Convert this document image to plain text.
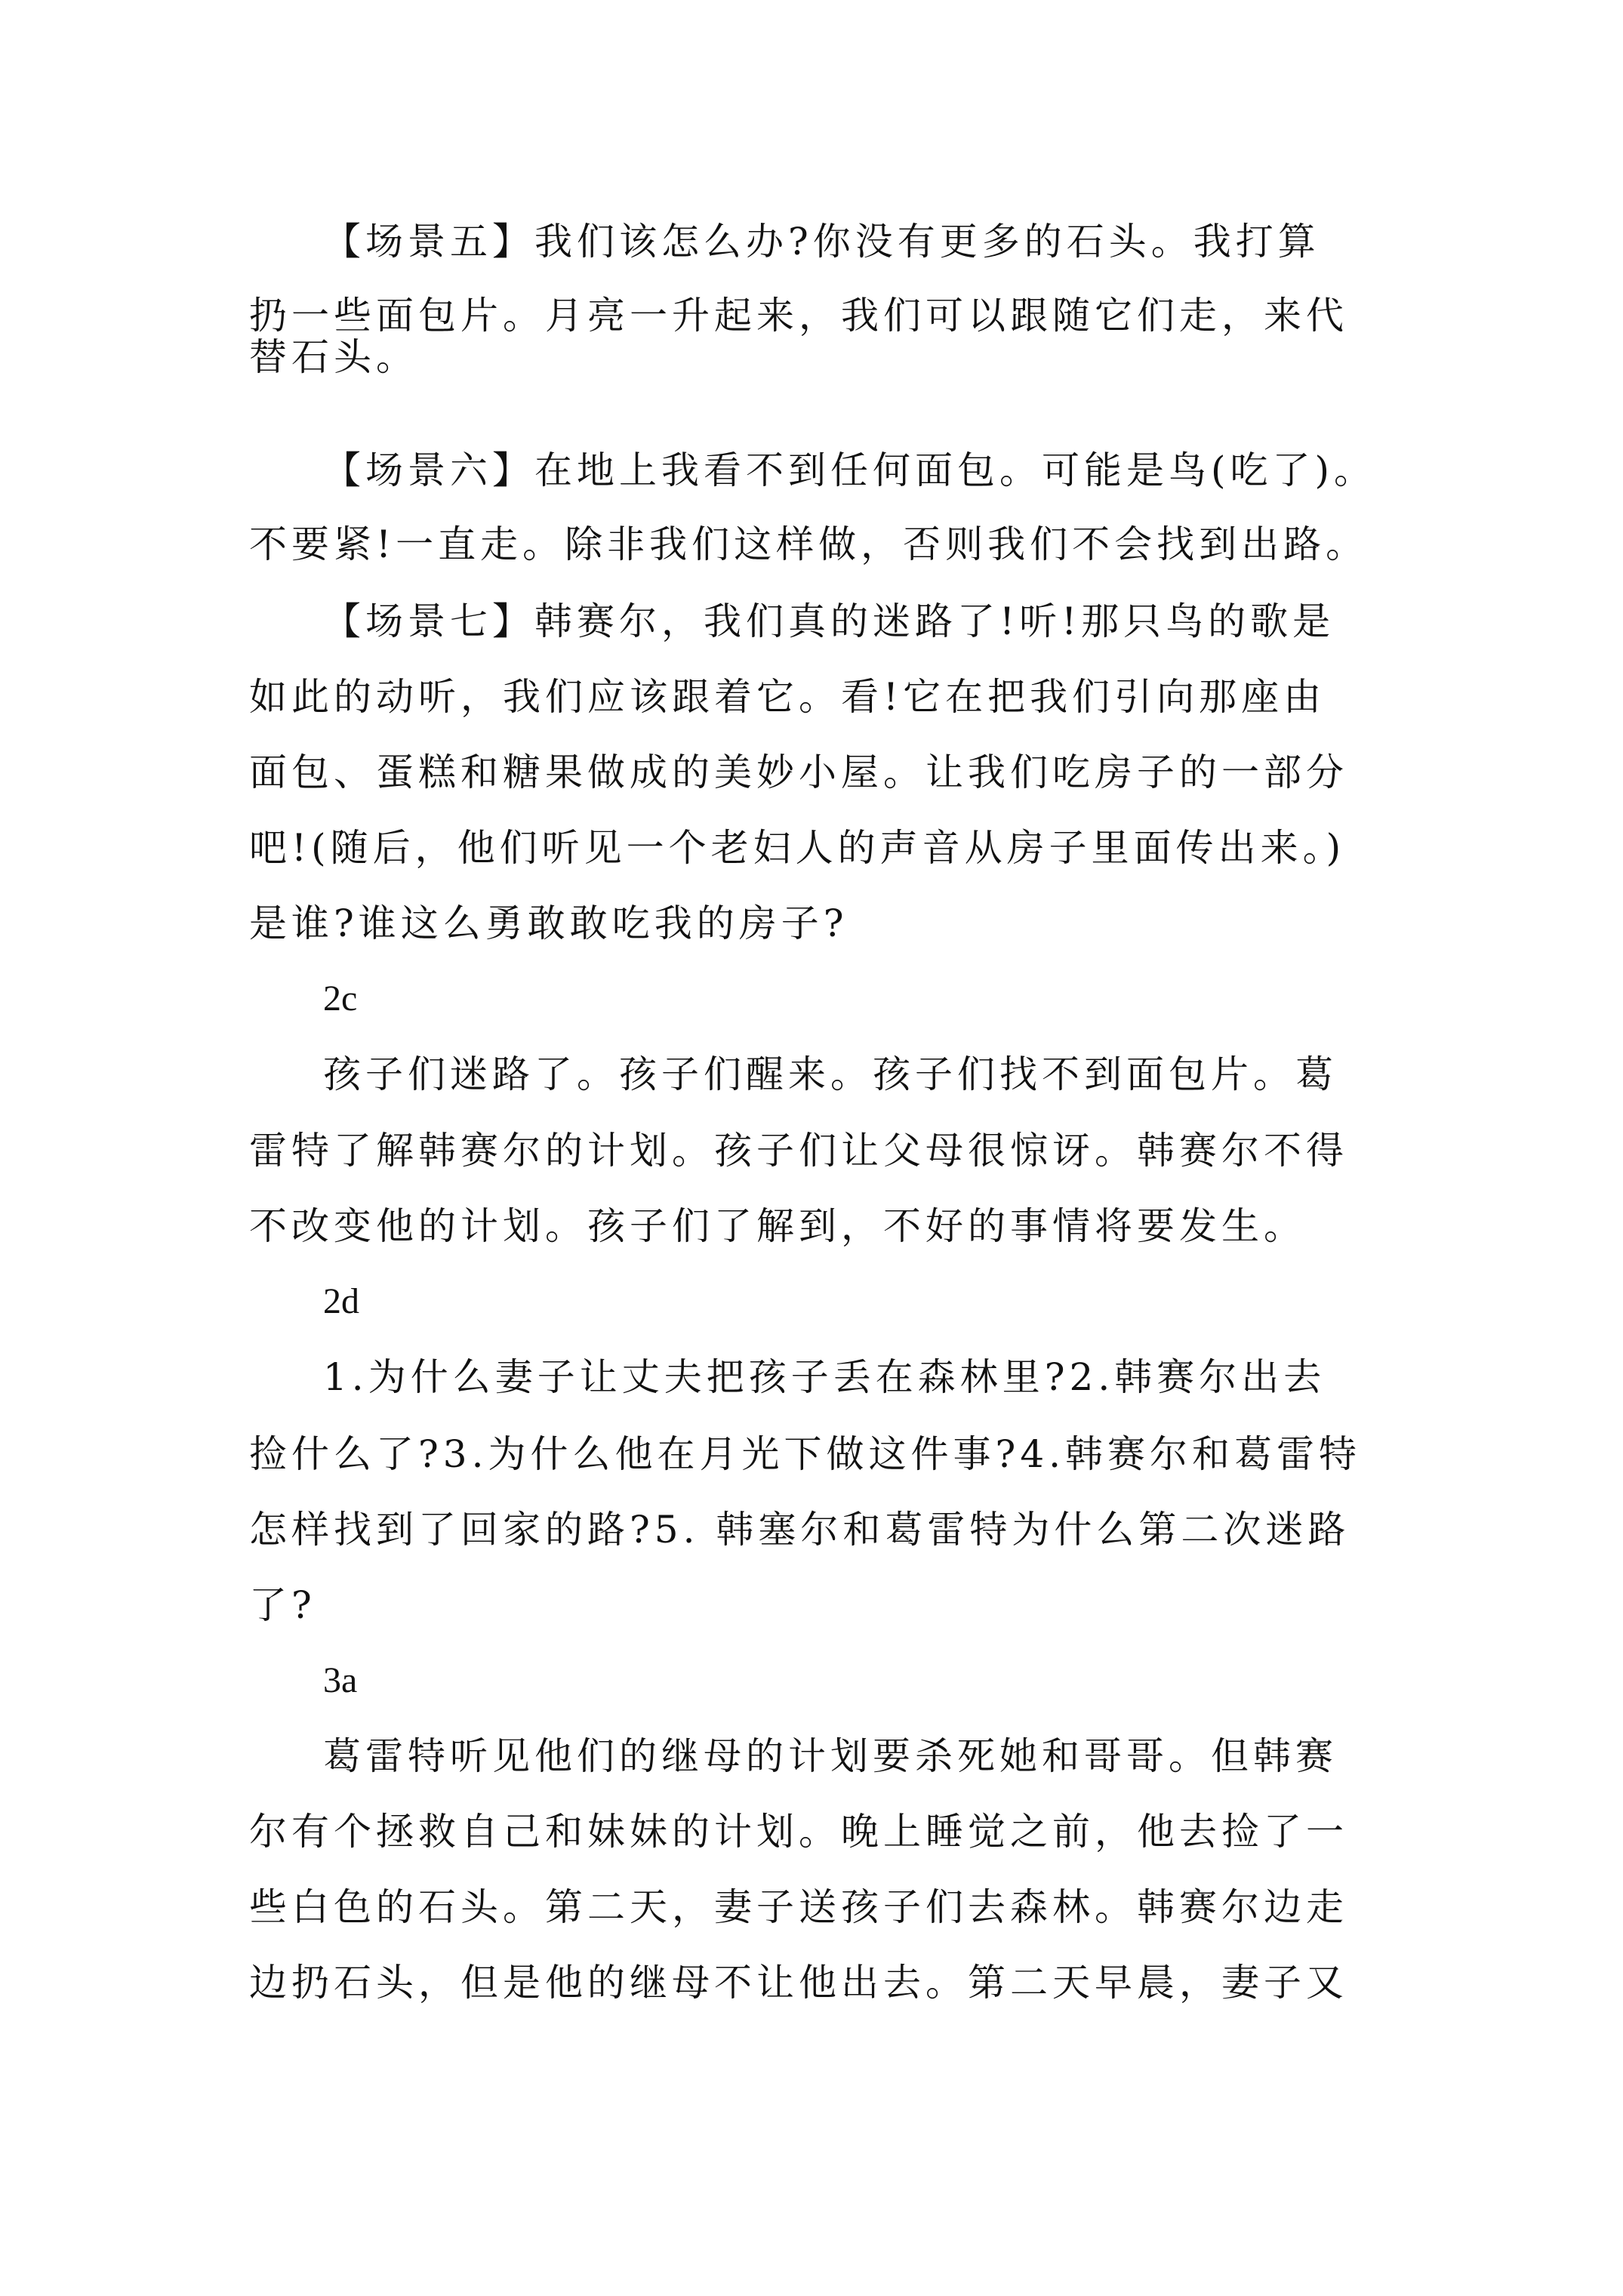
【场景五】我们该怎么办?你没有更多的石头。我打算

扔一些面包片。月亮一升起来，我们可以跟随它们走，来代

替石头。

【场景六】在地上我看不到任何面包。可能是鸟(吃了)。

不要紧!一直走。除非我们这样做，否则我们不会找到出路。

【场景七】韩赛尔，我们真的迷路了!听!那只鸟的歌是

如此的动听，我们应该跟着它。看!它在把我们引向那座由

面包、蛋糕和糖果做成的美妙小屋。让我们吃房子的一部分

吧!(随后，他们听见一个老妇人的声音从房子里面传出来。)

是谁?谁这么勇敢敢吃我的房子?

2c

孩子们迷路了。孩子们醒来。孩子们找不到面包片。葛

雷特了解韩赛尔的计划。孩子们让父母很惊讶。韩赛尔不得

不改变他的计划。孩子们了解到，不好的事情将要发生。

2d

1.为什么妻子让丈夫把孩子丢在森林里?2.韩赛尔出去

捡什么了?3.为什么他在月光下做这件事?4.韩赛尔和葛雷特

怎样找到了回家的路?5. 韩塞尔和葛雷特为什么第二次迷路

了?

3a

葛雷特听见他们的继母的计划要杀死她和哥哥。但韩赛

尔有个拯救自己和妹妹的计划。晚上睡觉之前，他去捡了一

些白色的石头。第二天，妻子送孩子们去森林。韩赛尔边走

边扔石头，但是他的继母不让他出去。第二天早晨，妻子又
